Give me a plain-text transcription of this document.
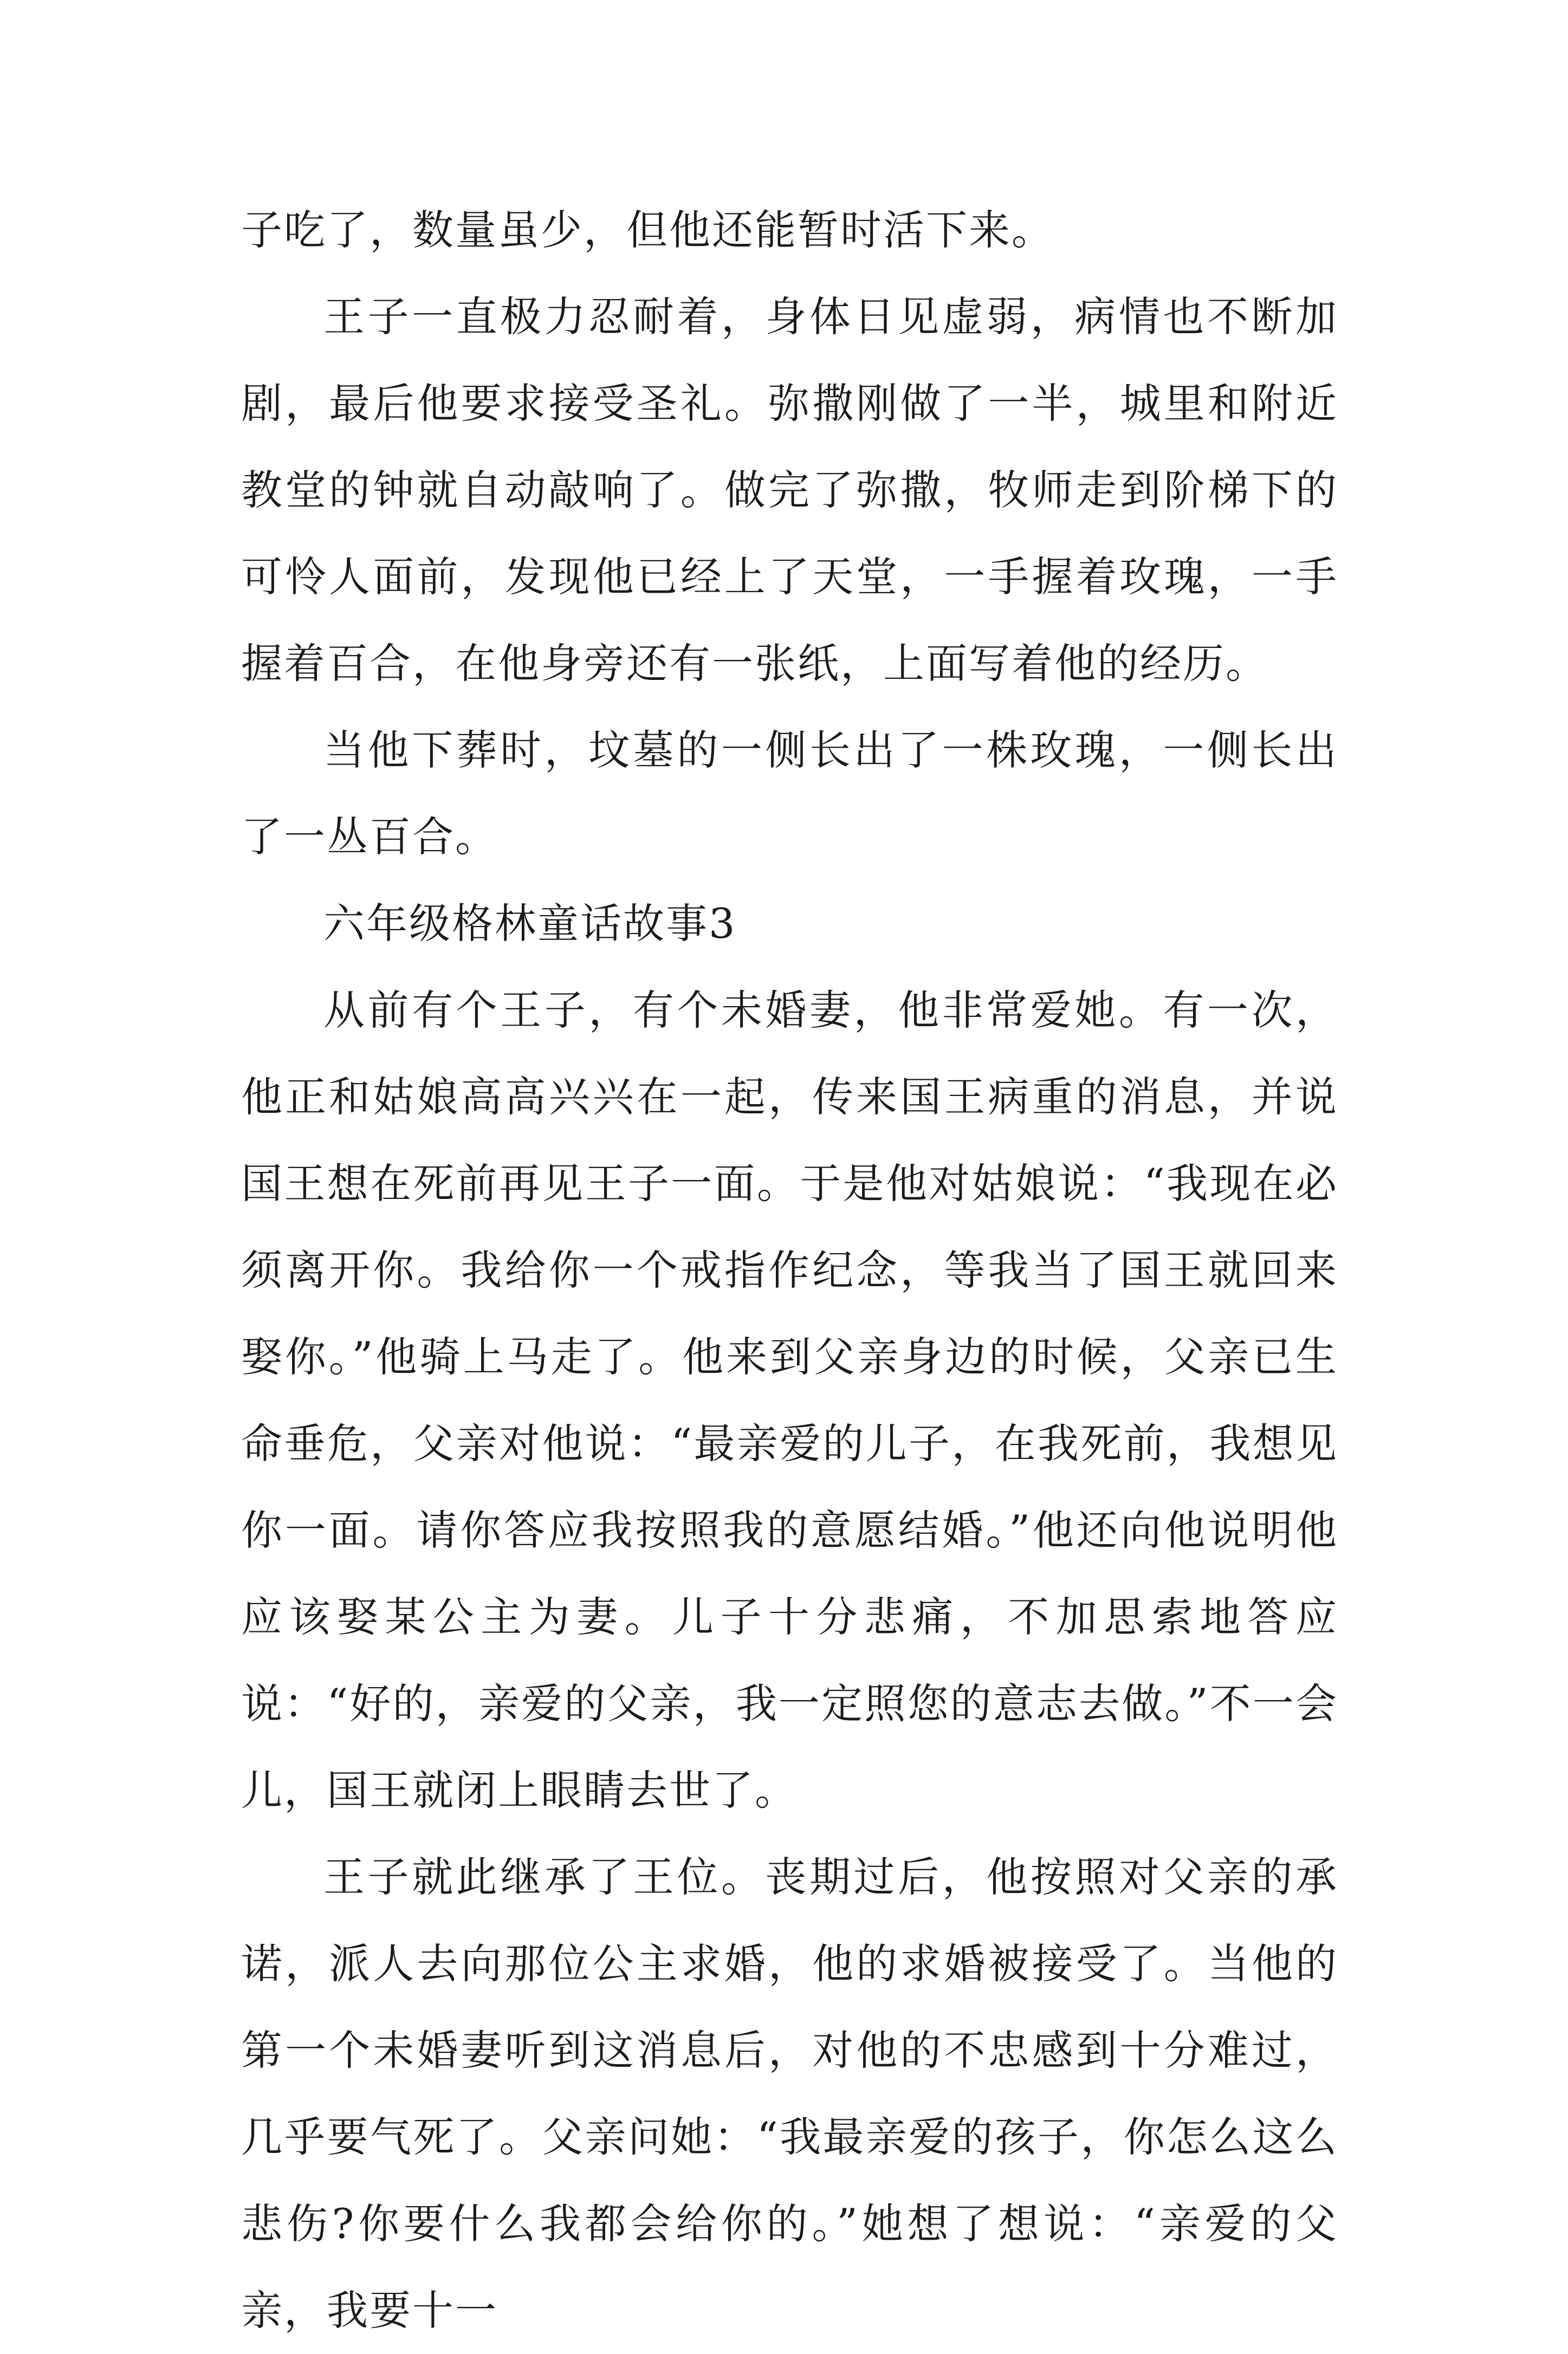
子吃了，数量虽少，但他还能暂时活下来。

王子一直极力忍耐着，身体日见虚弱，病情也不断加剧，最后他要求接受圣礼。弥撒刚做了一半，城里和附近教堂的钟就自动敲响了。做完了弥撒，牧师走到阶梯下的可怜人面前，发现他已经上了天堂，一手握着玫瑰，一手握着百合，在他身旁还有一张纸，上面写着他的经历。

当他下葬时，坟墓的一侧长出了一株玫瑰，一侧长出了一丛百合。

六年级格林童话故事3

从前有个王子，有个未婚妻，他非常爱她。有一次，他正和姑娘高高兴兴在一起，传来国王病重的消息，并说国王想在死前再见王子一面。于是他对姑娘说：“我现在必须离开你。我给你一个戒指作纪念，等我当了国王就回来娶你。”他骑上马走了。他来到父亲身边的时候，父亲已生命垂危，父亲对他说：“最亲爱的儿子，在我死前，我想见你一面。请你答应我按照我的意愿结婚。”他还向他说明他应该娶某公主为妻。儿子十分悲痛，不加思索地答应说：“好的，亲爱的父亲，我一定照您的意志去做。”不一会儿，国王就闭上眼睛去世了。

王子就此继承了王位。丧期过后，他按照对父亲的承诺，派人去向那位公主求婚，他的求婚被接受了。当他的第一个未婚妻听到这消息后，对他的不忠感到十分难过，几乎要气死了。父亲问她：“我最亲爱的孩子，你怎么这么悲伤?你要什么我都会给你的。”她想了想说：“亲爱的父亲，我要十一
